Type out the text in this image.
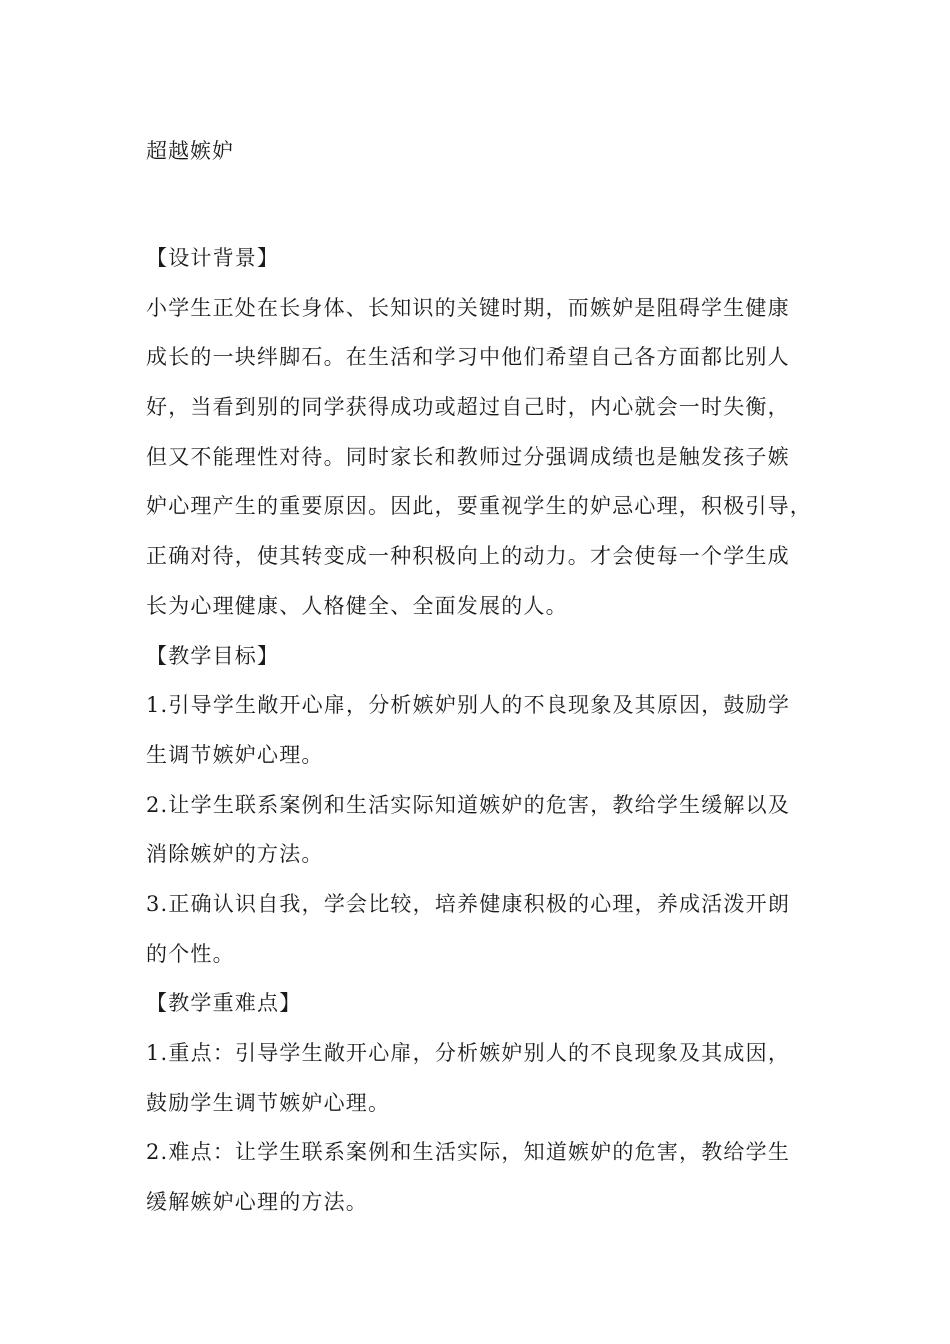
超越嫉妒
【设计背景】
小学生正处在长身体、长知识的关键时期，而嫉妒是阻碍学生健康
成长的一块绊脚石。在生活和学习中他们希望自己各方面都比别人
好，当看到别的同学获得成功或超过自己时，内心就会一时失衡，
但又不能理性对待。同时家长和教师过分强调成绩也是触发孩子嫉
妒心理产生的重要原因。因此，要重视学生的妒忌心理，积极引导，
正确对待，使其转变成一种积极向上的动力。才会使每一个学生成
长为心理健康、人格健全、全面发展的人。
【教学目标】
1.引导学生敞开心扉，分析嫉妒别人的不良现象及其原因，鼓励学
生调节嫉妒心理。
2.让学生联系案例和生活实际知道嫉妒的危害，教给学生缓解以及
消除嫉妒的方法。
3.正确认识自我，学会比较，培养健康积极的心理，养成活泼开朗
的个性。
【教学重难点】
1.重点：引导学生敞开心扉，分析嫉妒别人的不良现象及其成因，
鼓励学生调节嫉妒心理。
2.难点：让学生联系案例和生活实际，知道嫉妒的危害，教给学生
缓解嫉妒心理的方法。
